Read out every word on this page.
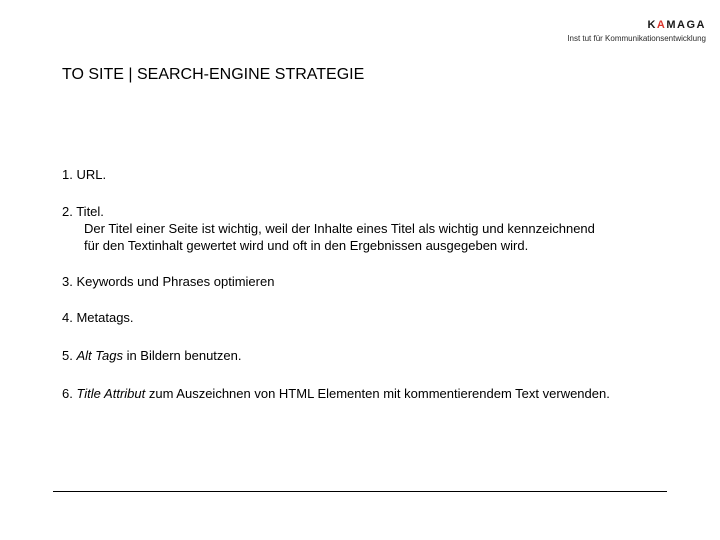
K A M A G A
Inst tut für Kommunikationsentwicklung
TO SITE | SEARCH-ENGINE STRATEGIE
1. URL.
2. Titel.
Der Titel einer Seite ist wichtig, weil der Inhalte eines Titel als wichtig und kennzeichnend
für den Textinhalt gewertet wird und oft in den Ergebnissen ausgegeben wird.
3. Keywords und Phrases optimieren
4. Metatags.
5. Alt Tags in Bildern benutzen.
6. Title Attribut zum Auszeichnen von HTML Elementen mit kommentierendem Text verwenden.
